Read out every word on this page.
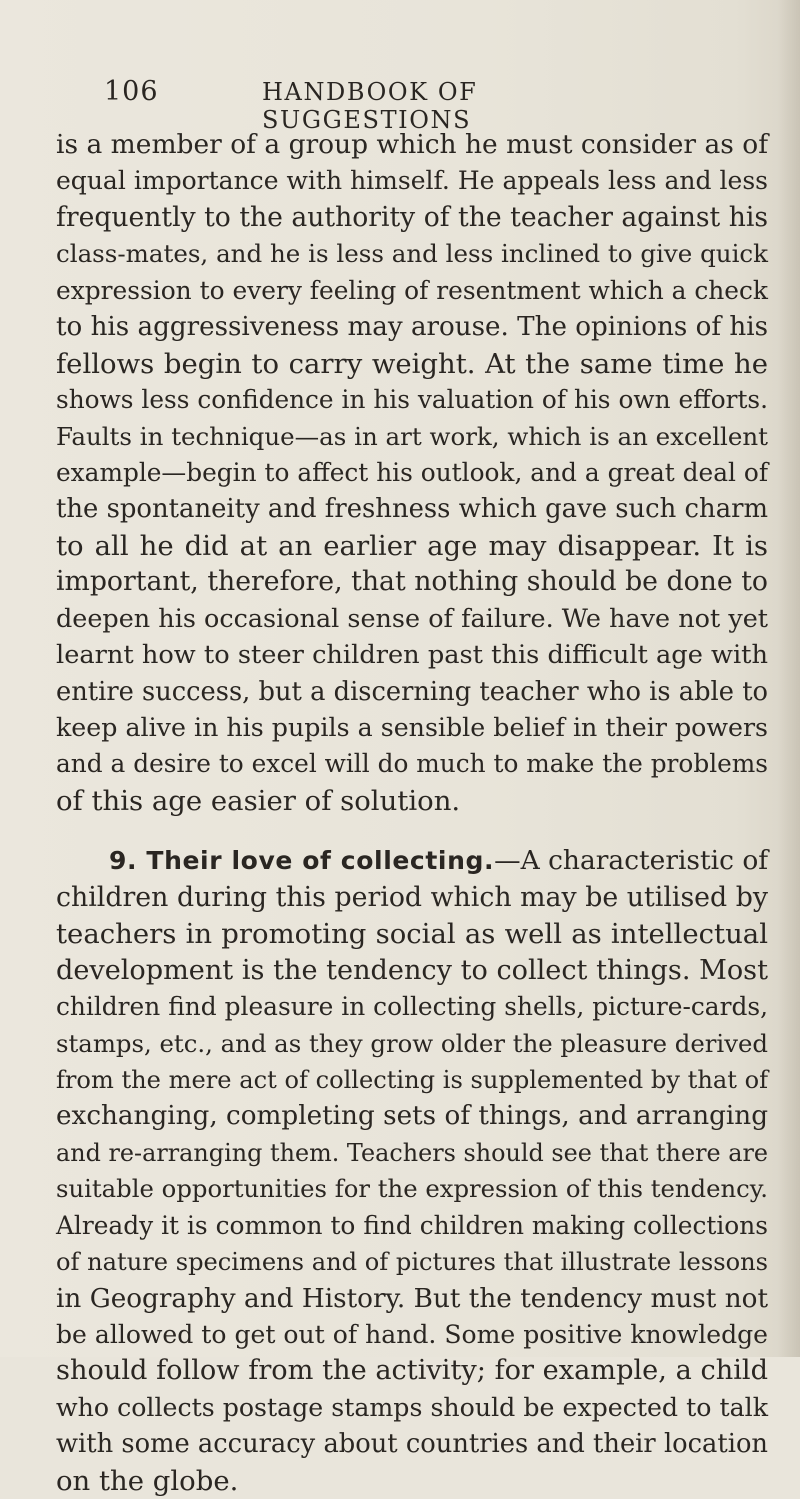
106	HANDBOOK OF SUGGESTIONS
is a member of a group which he must consider as of
equal importance with himself. He appeals less and less
frequently to the authority of the teacher against his
class-mates, and he is less and less inclined to give quick
expression to every feeling of resentment which a check
to his aggressiveness may arouse. The opinions of his
fellows begin to carry weight. At the same time he
shows less confidence in his valuation of his own efforts.
Faults in technique—as in art work, which is an excellent
example—begin to affect his outlook, and a great deal of
the spontaneity and freshness which gave such charm
to all he did at an earlier age may disappear. It is
important, therefore, that nothing should be done to
deepen his occasional sense of failure. We have not yet
learnt how to steer children past this difficult age with
entire success, but a discerning teacher who is able to
keep alive in his pupils a sensible belief in their powers
and a desire to excel will do much to make the problems
of this age easier of solution.
9. Their love of collecting.—A characteristic of
children during this period which may be utilised by
teachers in promoting social as well as intellectual
development is the tendency to collect things. Most
children find pleasure in collecting shells, picture-cards,
stamps, etc., and as they grow older the pleasure derived
from the mere act of collecting is supplemented by that of
exchanging, completing sets of things, and arranging
and re-arranging them. Teachers should see that there are
suitable opportunities for the expression of this tendency.
Already it is common to find children making collections
of nature specimens and of pictures that illustrate lessons
in Geography and History. But the tendency must not
be allowed to get out of hand. Some positive knowledge
should follow from the activity; for example, a child
who collects postage stamps should be expected to talk
with some accuracy about countries and their location
on the globe.
